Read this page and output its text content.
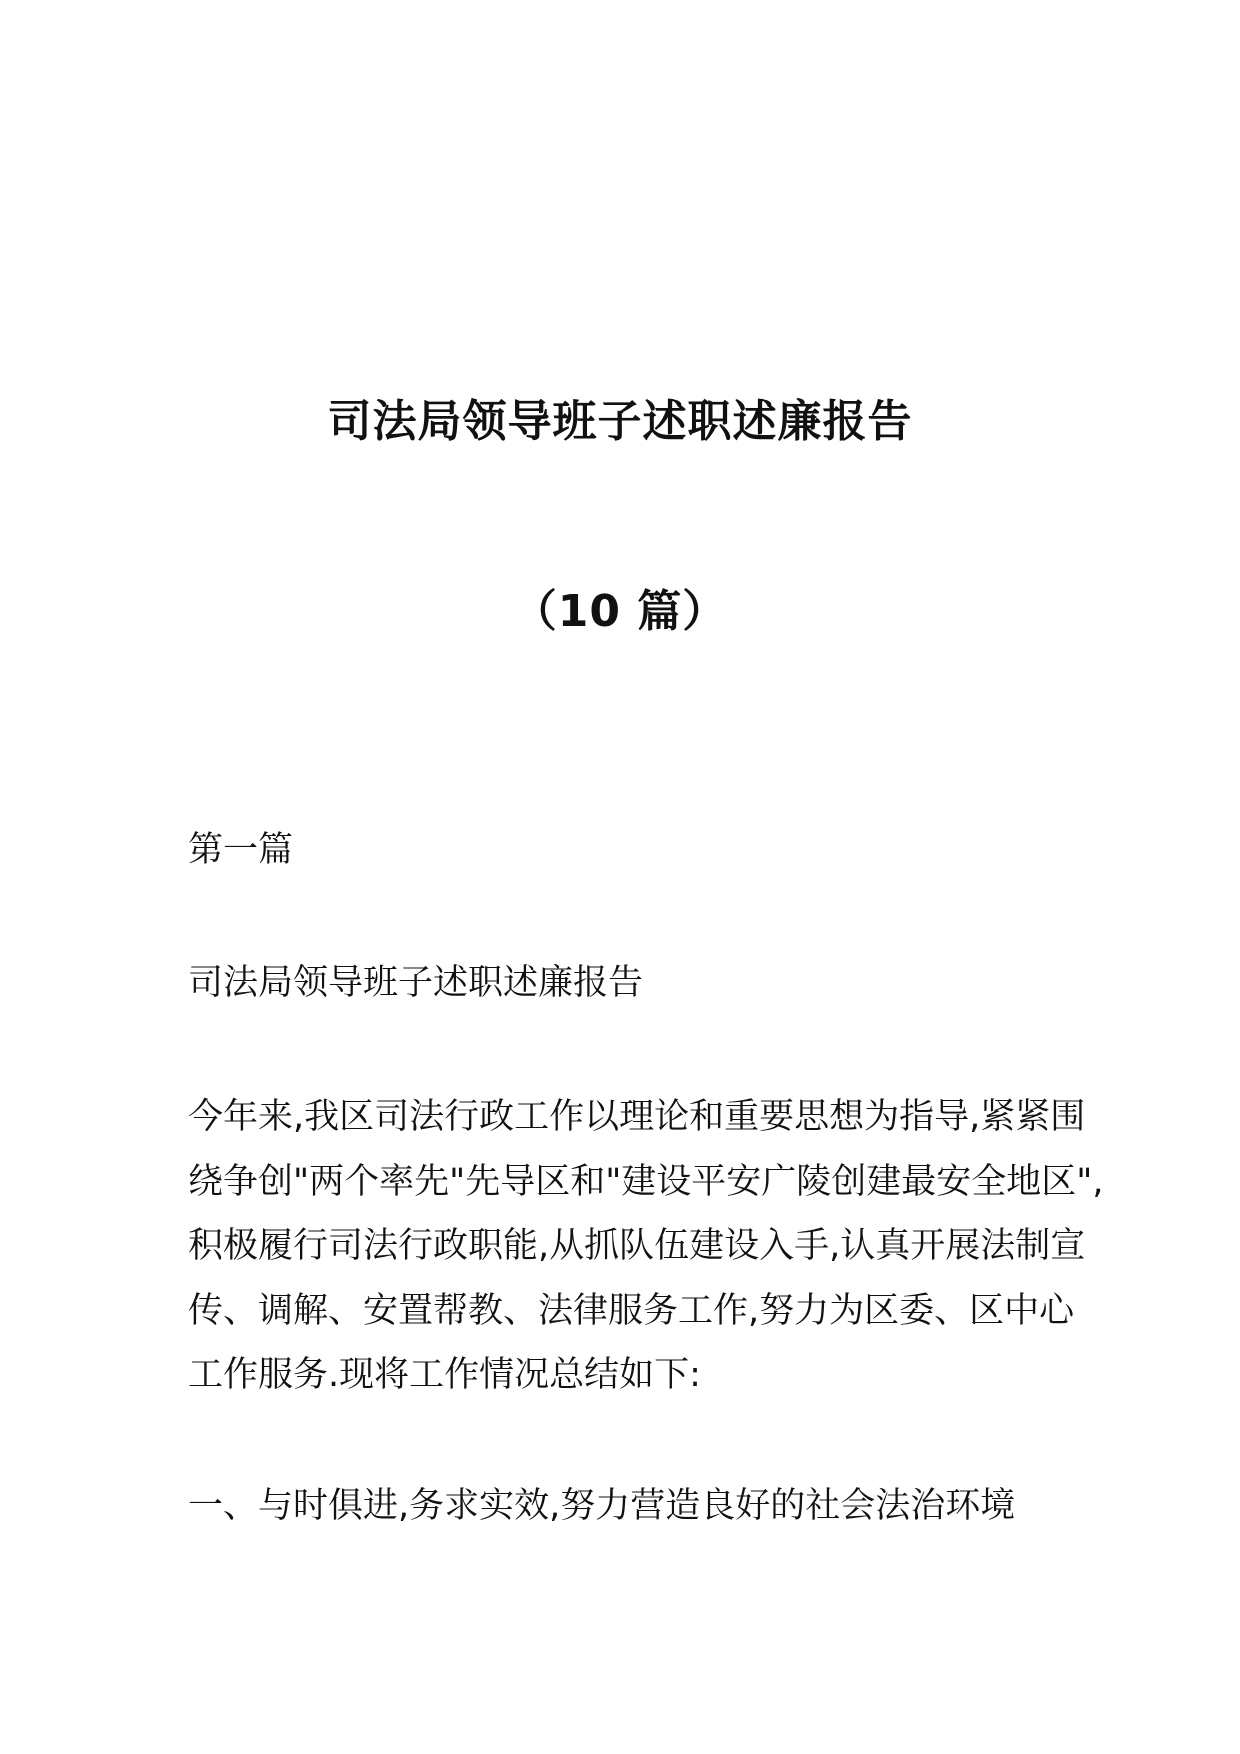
司法局领导班子述职述廉报告
（10 篇）
第一篇
司法局领导班子述职述廉报告
今年来,我区司法行政工作以理论和重要思想为指导,紧紧围
绕争创"两个率先"先导区和"建设平安广陵创建最安全地区",
积极履行司法行政职能,从抓队伍建设入手,认真开展法制宣
传、调解、安置帮教、法律服务工作,努力为区委、区中心
工作服务.现将工作情况总结如下:
一、与时俱进,务求实效,努力营造良好的社会法治环境
